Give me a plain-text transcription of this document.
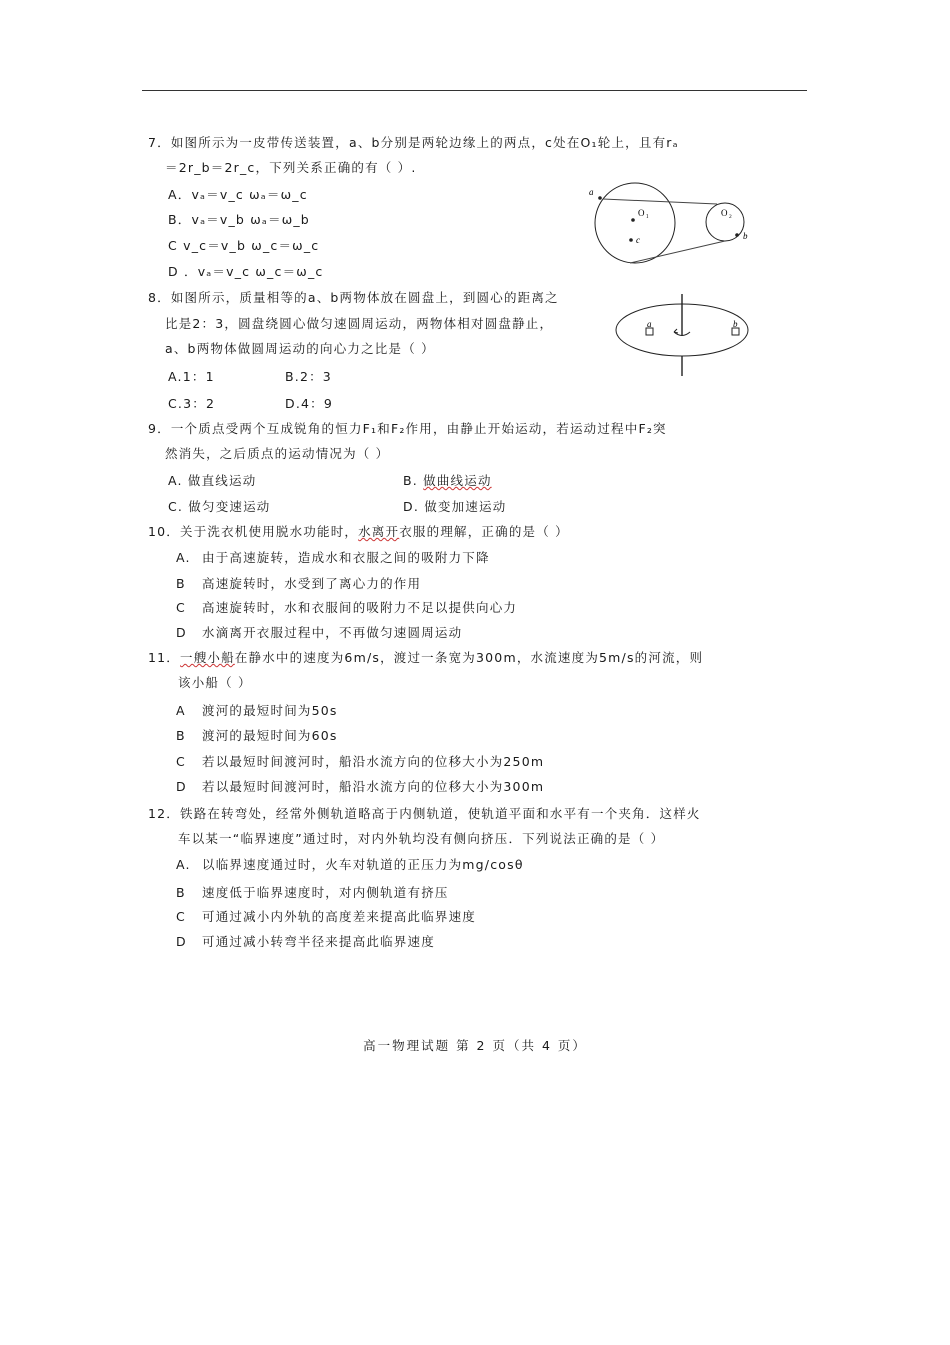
7．如图所示为一皮带传送装置，a、b分别是两轮边缘上的两点，c处在O₁轮上，且有rₐ
＝2r_b＝2r_c，下列关系正确的有（ ）.
A．vₐ＝v_c ωₐ＝ω_c
B．vₐ＝v_b ωₐ＝ω_b
C v_c＝v_b ω_c＝ω_c
D ．vₐ＝v_c ω_c＝ω_c
a
O₁
c
O₂
b
8．如图所示，质量相等的a、b两物体放在圆盘上，到圆心的距离之
比是2：3，圆盘绕圆心做匀速圆周运动，两物体相对圆盘静止，
a、b两物体做圆周运动的向心力之比是（ ）
A.1：1	B.2：3
C.3：2	D.4：9
a	b
9．一个质点受两个互成锐角的恒力F₁和F₂作用，由静止开始运动，若运动过程中F₂突
然消失，之后质点的运动情况为（ ）
A. 做直线运动	B. 做曲线运动
C. 做匀变速运动	D. 做变加速运动
10．关于洗衣机使用脱水功能时，水离开衣服的理解，正确的是（ ）
A. 由于高速旋转，造成水和衣服之间的吸附力下降
B 高速旋转时，水受到了离心力的作用
C 高速旋转时，水和衣服间的吸附力不足以提供向心力
D 水滴离开衣服过程中，不再做匀速圆周运动
11．一艘小船在静水中的速度为6m/s，渡过一条宽为300m，水流速度为5m/s的河流，则
该小船（ ）
A 渡河的最短时间为50s
B 渡河的最短时间为60s
C 若以最短时间渡河时，船沿水流方向的位移大小为250m
D 若以最短时间渡河时，船沿水流方向的位移大小为300m
12．铁路在转弯处，经常外侧轨道略高于内侧轨道，使轨道平面和水平有一个夹角．这样火
车以某一“临界速度”通过时，对内外轨均没有侧向挤压．下列说法正确的是（ ）
A. 以临界速度通过时，火车对轨道的正压力为mg/cosθ
B 速度低于临界速度时，对内侧轨道有挤压
C 可通过减小内外轨的高度差来提高此临界速度
D 可通过减小转弯半径来提高此临界速度
高一物理试题 第 2 页（共 4 页）
